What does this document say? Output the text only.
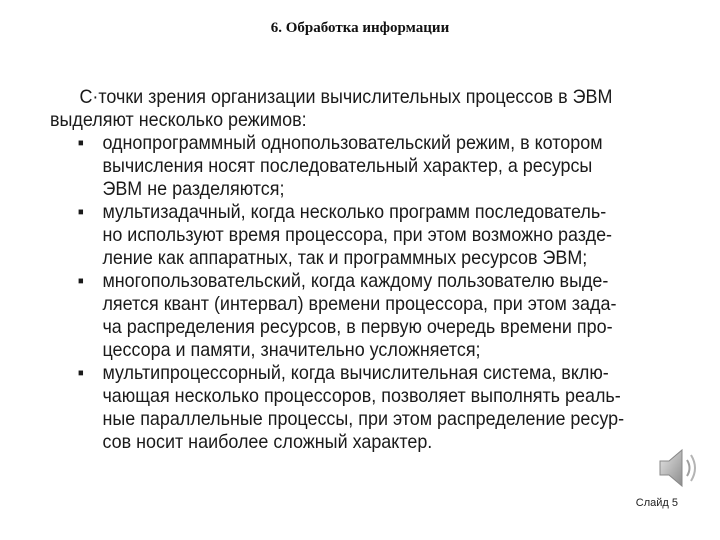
6. Обработка информации
С·точки зрения организации вычислительных процессов в ЭВМ
выделяют несколько режимов:
▪ однопрограммный однопользовательский режим, в котором
вычисления носят последовательный характер, а ресурсы
ЭВМ не разделяются;
▪ мультизадачный, когда несколько программ последователь-
но используют время процессора, при этом возможно разде-
ление как аппаратных, так и программных ресурсов ЭВМ;
▪ многопользовательский, когда каждому пользователю выде-
ляется квант (интервал) времени процессора, при этом зада-
ча распределения ресурсов, в первую очередь времени про-
цессора и памяти, значительно усложняется;
▪ мультипроцессорный, когда вычислительная система, вклю-
чающая несколько процессоров, позволяет выполнять реаль-
ные параллельные процессы, при этом распределение ресур-
сов носит наиболее сложный характер.
Слайд 5
